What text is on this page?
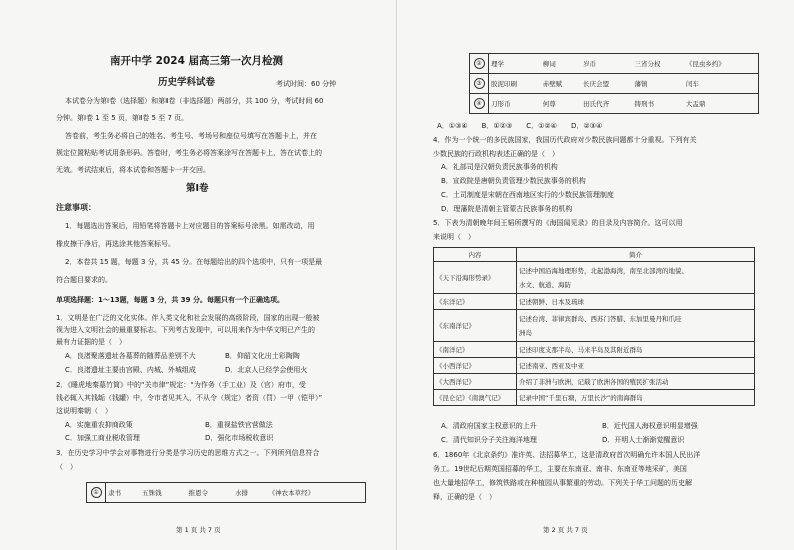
南开中学 2024 届高三第一次月检测
历史学科试卷	考试时间：60 分钟
本试卷分为第Ⅰ卷（选择题）和第Ⅱ卷（非选择题）两部分，共 100 分，考试时间 60
分钟。第Ⅰ卷 1 至 5 页，第Ⅱ卷 5 至 7 页。
答卷前，考生务必将自己的姓名、考生号、考场号和座位号填写在答题卡上，并在
规定位置粘贴考试用条形码。答卷时，考生务必将答案涂写在答题卡上，答在试卷上的
无效。考试结束后，将本试卷和答题卡一并交回。
第Ⅰ卷
注意事项：
1．每题选出答案后，用铅笔将答题卡上对应题目的答案标号涂黑。如需改动，用
橡皮擦干净后，再选涂其他答案标号。
2．本卷共 15 题，每题 3 分，共 45 分。在每题给出的四个选项中，只有一项是最
符合题目要求的。
单项选择题：1～13题，每题 3 分，共 39 分。每题只有一个正确选项。
1．文明是在广泛的文化实体。伴入类文化和社会发展的高级阶段，国家的出现一般被
视为进入文明社会的最重要标志。下列考古发现中，可以用来作为中华文明已产生的
最有力证据的是（　）
A．良渚聚落遗址各墓葬的随葬品差别不大	B．仰韶文化出土彩陶陶
C．良渚遗址主要由宫殿、内城、外城组成	D．北京人已经学会使用火
2．《睡虎地秦墓竹简》中的“关市律”规定：“为作务（手工业）及（官）府市，受
钱必辄入其钱缿（钱罐）中，令市者见其入，不从令（规定）者资（罚）一甲（铠甲）”
这说明秦朝（　）
A．实施重农抑商政策	B．重视盐铁官营做法
C．加强工商业税收管理	D．强化市场税收意识
3．在历史学习中学会对事物进行分类是学习历史的思维方式之一。下列所列信息符合
（　）
①	隶书	五铢钱	推恩令	水排	《神农本草经》
第 1 页 共 7 页
②	理学	柳词	岁币	三省分权	《昆虫乡约》
③	胶泥印刷	赤壁赋	长庆会盟	藩镇	闰车
④	刀形币	何尊	田氏代齐	铸刑书	大盂鼎
A．①③④　　B．①②③　　C．①②④　　D．②③④
4．作为一个统一的多民族国家，我国历代政府对少数民族问题都十分重视。下列有关
少数民族的行政机构表述正确的是（　）
A．礼部司是汉朝负责民族事务的机构
B．宣政院是唐朝负责管理少数民族事务的机构
C．土司制度是宋朝在西南地区实行的少数民族管理制度
D．理藩院是清朝主管蒙古民族事务的机构
5．下表为清朝晚年间王韬所撰写的《海国闻见录》的目录及内容简介。这可以用
来说明（　）
内容	简介
《天下沿海形势录》	记述中国沿海地理形势，北起渤海湾，南至北部湾的地貌、
水文、航道、海防

《东洋记》	记述朝鲜、日本及琉球
《东南洋记》	记述台湾、菲律宾群岛、西苏门答腊、东加里曼丹和爪哇
洲岛

《南洋记》	记述印度支那半岛、马来半岛及其附近群岛
《小西洋记》	记述南亚、西亚及中亚
《大西洋记》	介绍了非洲与欧洲，记载了欧洲各国的殖民扩张活动
《昆仑记》《南澳气记》	记录中国“千里石塘，万里长沙”的南海群岛
A．清政府国家主权意识的上升	B．近代国人海权意识明显增强
C．清代知识分子关注海洋地理	D．开明人士渐渐觉醒意识
6．1860年《北京条约》准许英、法招募华工，这是清政府首次明确允许本国人民出洋
务工。19世纪后期英国招募的华工，主要在东南亚、南非、东南亚等地采矿，美国
也大量地招华工，修筑铁路或在种植园从事繁重的劳动。下列关于华工问题的历史解
释，正确的是（　）
第 2 页 共 7 页
